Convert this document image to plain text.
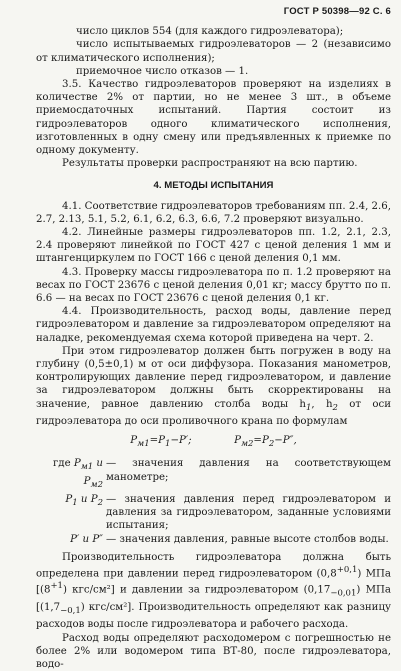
ГОСТ Р 50398—92 С. 6

число циклов 554 (для каждого гидроэлеватора);

число испытываемых гидроэлеваторов — 2 (независимо от климатического исполнения);

приемочное число отказов — 1.

3.5. Качество гидроэлеваторов проверяют на изделиях в количестве 2% от партии, но не менее 3 шт., в объеме приемосдаточных испытаний. Партия состоит из гидроэлеваторов одного климатического исполнения, изготовленных в одну смену или предъявленных к приемке по одному документу.

Результаты проверки распространяют на всю партию.

4. МЕТОДЫ ИСПЫТАНИЯ

4.1. Соответствие гидроэлеваторов требованиям пп. 2.4, 2.6, 2.7, 2.13, 5.1, 5.2, 6.1, 6.2, 6.3, 6.6, 7.2 проверяют визуально.

4.2. Линейные размеры гидроэлеваторов пп. 1.2, 2.1, 2.3, 2.4 проверяют линейкой по ГОСТ 427 с ценой деления 1 мм и штангенциркулем по ГОСТ 166 с ценой деления 0,1 мм.

4.3. Проверку массы гидроэлеватора по п. 1.2 проверяют на весах по ГОСТ 23676 с ценой деления 0,01 кг; массу брутто по п. 6.6 — на весах по ГОСТ 23676 с ценой деления 0,1 кг.

4.4. Производительность, расход воды, давление перед гидроэлеватором и давление за гидроэлеватором определяют на наладке, рекомендуемая схема которой приведена на черт. 2.

При этом гидроэлеватор должен быть погружен в воду на глубину (0,5±0,1) м от оси диффузора. Показания манометров, контролирующих давление перед гидроэлеватором, и давление за гидроэлеватором должны быть скорректированы на значение, равное давлению столба воды $h_1$, $h_2$ от оси гидроэлеватора до оси проливочного крана по формулам

$P_{м1}=P_1-P'$;	$P_{м2}=P_2-P''$,
где $P_{м1}$ и $P_{м2}$
— значения давления на соответствующем манометре;
$P_1$ и $P_2$ — значения давления перед гидроэлеватором и давления за гидроэлеватором, заданные условиями испытания;
P′ и P″ — значения давления, равные высоте столбов воды.

Производительность гидроэлеватора должна быть определена при давлении перед гидроэлеватором $(0,8^{+0,1})$ МПа [$(8^{+1})$ кгс/см²] и давлении за гидроэлеватором $(0,17_{-0,01})$ МПа [$(1,7_{-0,1})$ кгс/см²]. Производительность определяют как разницу расходов воды после гидроэлеватора и рабочего расхода.

Расход воды определяют расходомером с погрешностью не более 2% или водомером типа ВТ-80, после гидроэлеватора, водо-
